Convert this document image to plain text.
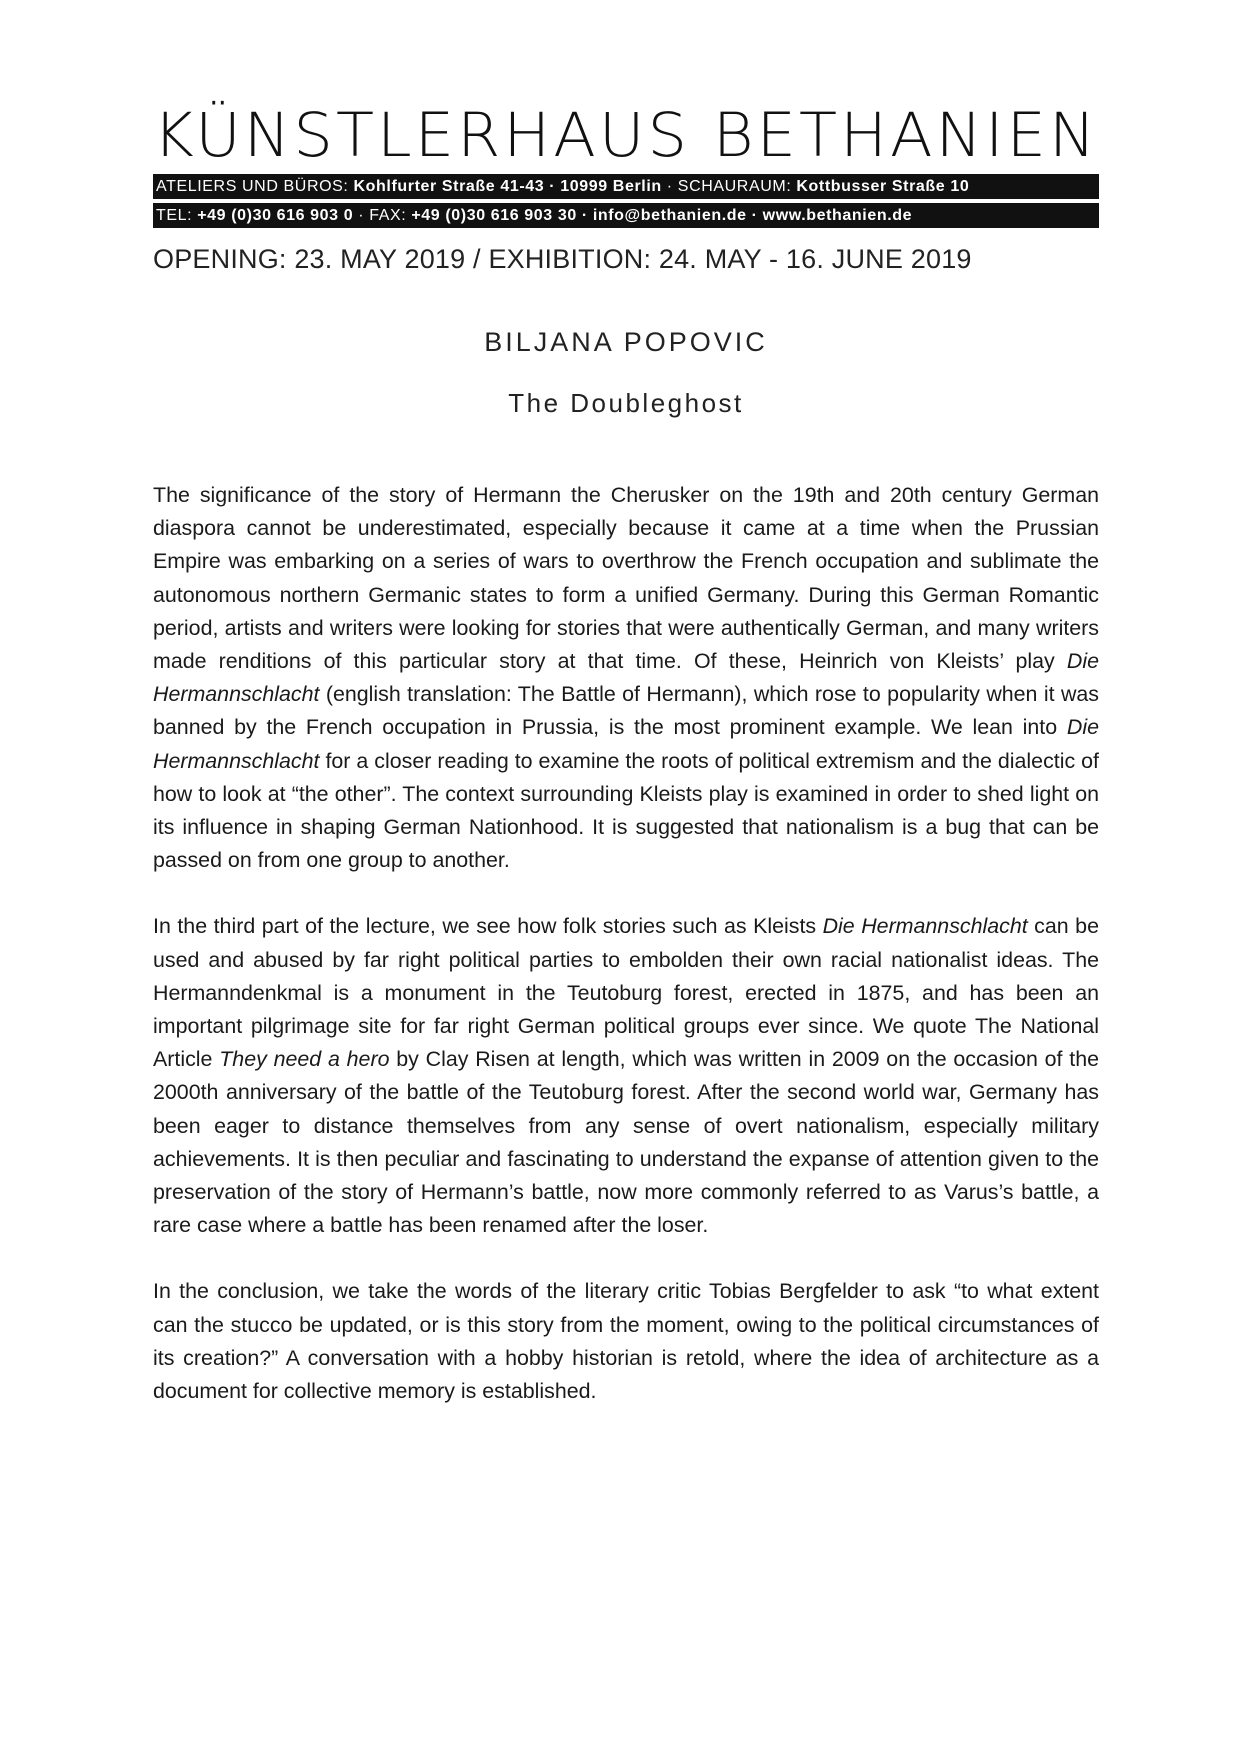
KÜNSTLERHAUS BETHANIEN
ATELIERS UND BÜROS: Kohlfurter Straße 41-43 · 10999 Berlin · SCHAURAUM: Kottbusser Straße 10
TEL: +49 (0)30 616 903 0 · FAX: +49 (0)30 616 903 30 · info@bethanien.de · www.bethanien.de
OPENING: 23. MAY 2019 / EXHIBITION: 24. MAY - 16. JUNE 2019
BILJANA POPOVIC
The Doubleghost

The significance of the story of Hermann the Cherusker on the 19th and 20th century German diaspora cannot be underestimated, especially because it came at a time when the Prussian Empire was embarking on a series of wars to overthrow the French occupation and sublimate the autonomous northern Germanic states to form a unified Germany. During this German Romantic period, artists and writers were looking for stories that were authentically German, and many writers made renditions of this particular story at that time. Of these, Heinrich von Kleists’ play Die Hermannschlacht (english translation: The Battle of Hermann), which rose to popularity when it was banned by the French occupation in Prussia, is the most prominent example. We lean into Die Hermannschlacht for a closer reading to examine the roots of political extremism and the dialectic of how to look at “the other”. The context surrounding Kleists play is examined in order to shed light on its influence in shaping German Nationhood. It is suggested that nationalism is a bug that can be passed on from one group to another.

In the third part of the lecture, we see how folk stories such as Kleists Die Hermannschlacht can be used and abused by far right political parties to embolden their own racial nationalist ideas. The Hermanndenkmal is a monument in the Teutoburg forest, erected in 1875, and has been an important pilgrimage site for far right German political groups ever since. We quote The National Article They need a hero by Clay Risen at length, which was written in 2009 on the occasion of the 2000th anniversary of the battle of the Teutoburg forest. After the second world war, Germany has been eager to distance themselves from any sense of overt nationalism, especially military achievements. It is then peculiar and fascinating to understand the expanse of attention given to the preservation of the story of Hermann’s battle, now more commonly referred to as Varus’s battle, a rare case where a battle has been renamed after the loser.

In the conclusion, we take the words of the literary critic Tobias Bergfelder to ask “to what extent can the stucco be updated, or is this story from the moment, owing to the political circumstances of its creation?” A conversation with a hobby historian is retold, where the idea of architecture as a document for collective memory is established.
